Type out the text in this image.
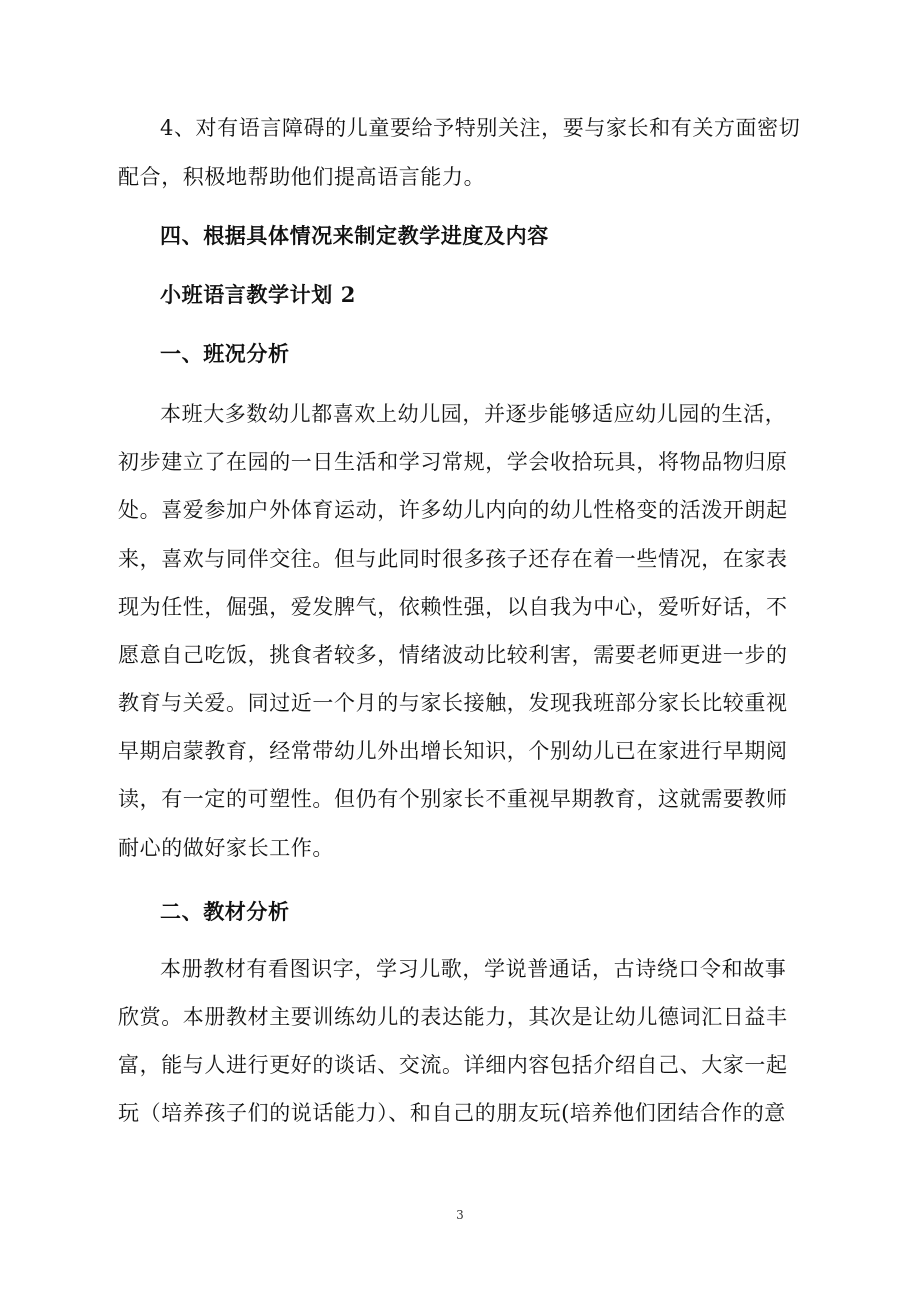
4、对有语言障碍的儿童要给予特别关注，要与家长和有关方面密切
配合，积极地帮助他们提高语言能力。
四、根据具体情况来制定教学进度及内容
小班语言教学计划 2
一、班况分析
本班大多数幼儿都喜欢上幼儿园，并逐步能够适应幼儿园的生活，
初步建立了在园的一日生活和学习常规，学会收拾玩具，将物品物归原
处。喜爱参加户外体育运动，许多幼儿内向的幼儿性格变的活泼开朗起
来，喜欢与同伴交往。但与此同时很多孩子还存在着一些情况，在家表
现为任性，倔强，爱发脾气，依赖性强，以自我为中心，爱听好话，不
愿意自己吃饭，挑食者较多，情绪波动比较利害，需要老师更进一步的
教育与关爱。同过近一个月的与家长接触，发现我班部分家长比较重视
早期启蒙教育，经常带幼儿外出增长知识，个别幼儿已在家进行早期阅
读，有一定的可塑性。但仍有个别家长不重视早期教育，这就需要教师
耐心的做好家长工作。
二、教材分析
本册教材有看图识字，学习儿歌，学说普通话，古诗绕口令和故事
欣赏。本册教材主要训练幼儿的表达能力，其次是让幼儿德词汇日益丰
富，能与人进行更好的谈话、交流。详细内容包括介绍自己、大家一起
玩（培养孩子们的说话能力）、和自己的朋友玩(培养他们团结合作的意
3
